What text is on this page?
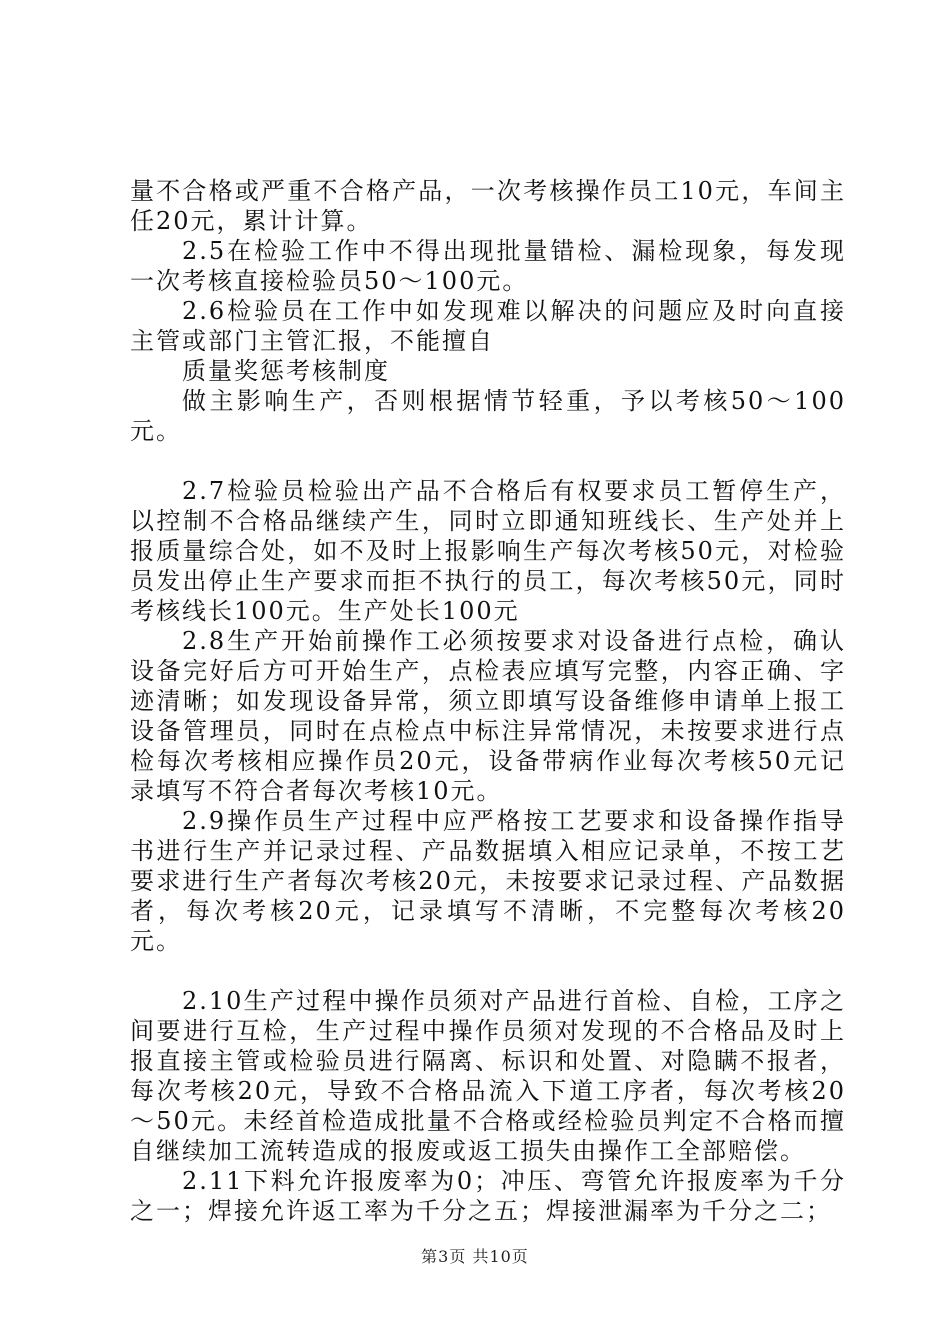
量不合格或严重不合格产品，一次考核操作员工10元，车间主任20元，累计计算。

2.5在检验工作中不得出现批量错检、漏检现象，每发现一次考核直接检验员50～100元。

2.6检验员在工作中如发现难以解决的问题应及时向直接主管或部门主管汇报，不能擅自

质量奖惩考核制度

做主影响生产，否则根据情节轻重，予以考核50～100元。

2.7检验员检验出产品不合格后有权要求员工暂停生产，以控制不合格品继续产生，同时立即通知班线长、生产处并上报质量综合处，如不及时上报影响生产每次考核50元，对检验员发出停止生产要求而拒不执行的员工，每次考核50元，同时考核线长100元。生产处长100元

2.8生产开始前操作工必须按要求对设备进行点检，确认设备完好后方可开始生产，点检表应填写完整，内容正确、字迹清晰；如发现设备异常，须立即填写设备维修申请单上报工设备管理员，同时在点检点中标注异常情况，未按要求进行点检每次考核相应操作员20元，设备带病作业每次考核50元记录填写不符合者每次考核10元。

2.9操作员生产过程中应严格按工艺要求和设备操作指导书进行生产并记录过程、产品数据填入相应记录单，不按工艺要求进行生产者每次考核20元，未按要求记录过程、产品数据者，每次考核20元，记录填写不清晰，不完整每次考核20元。

2.10生产过程中操作员须对产品进行首检、自检，工序之间要进行互检，生产过程中操作员须对发现的不合格品及时上报直接主管或检验员进行隔离、标识和处置、对隐瞒不报者，每次考核20元，导致不合格品流入下道工序者，每次考核20～50元。未经首检造成批量不合格或经检验员判定不合格而擅自继续加工流转造成的报废或返工损失由操作工全部赔偿。

2.11下料允许报废率为0；冲压、弯管允许报废率为千分之一；焊接允许返工率为千分之五；焊接泄漏率为千分之二；

第3页 共10页
